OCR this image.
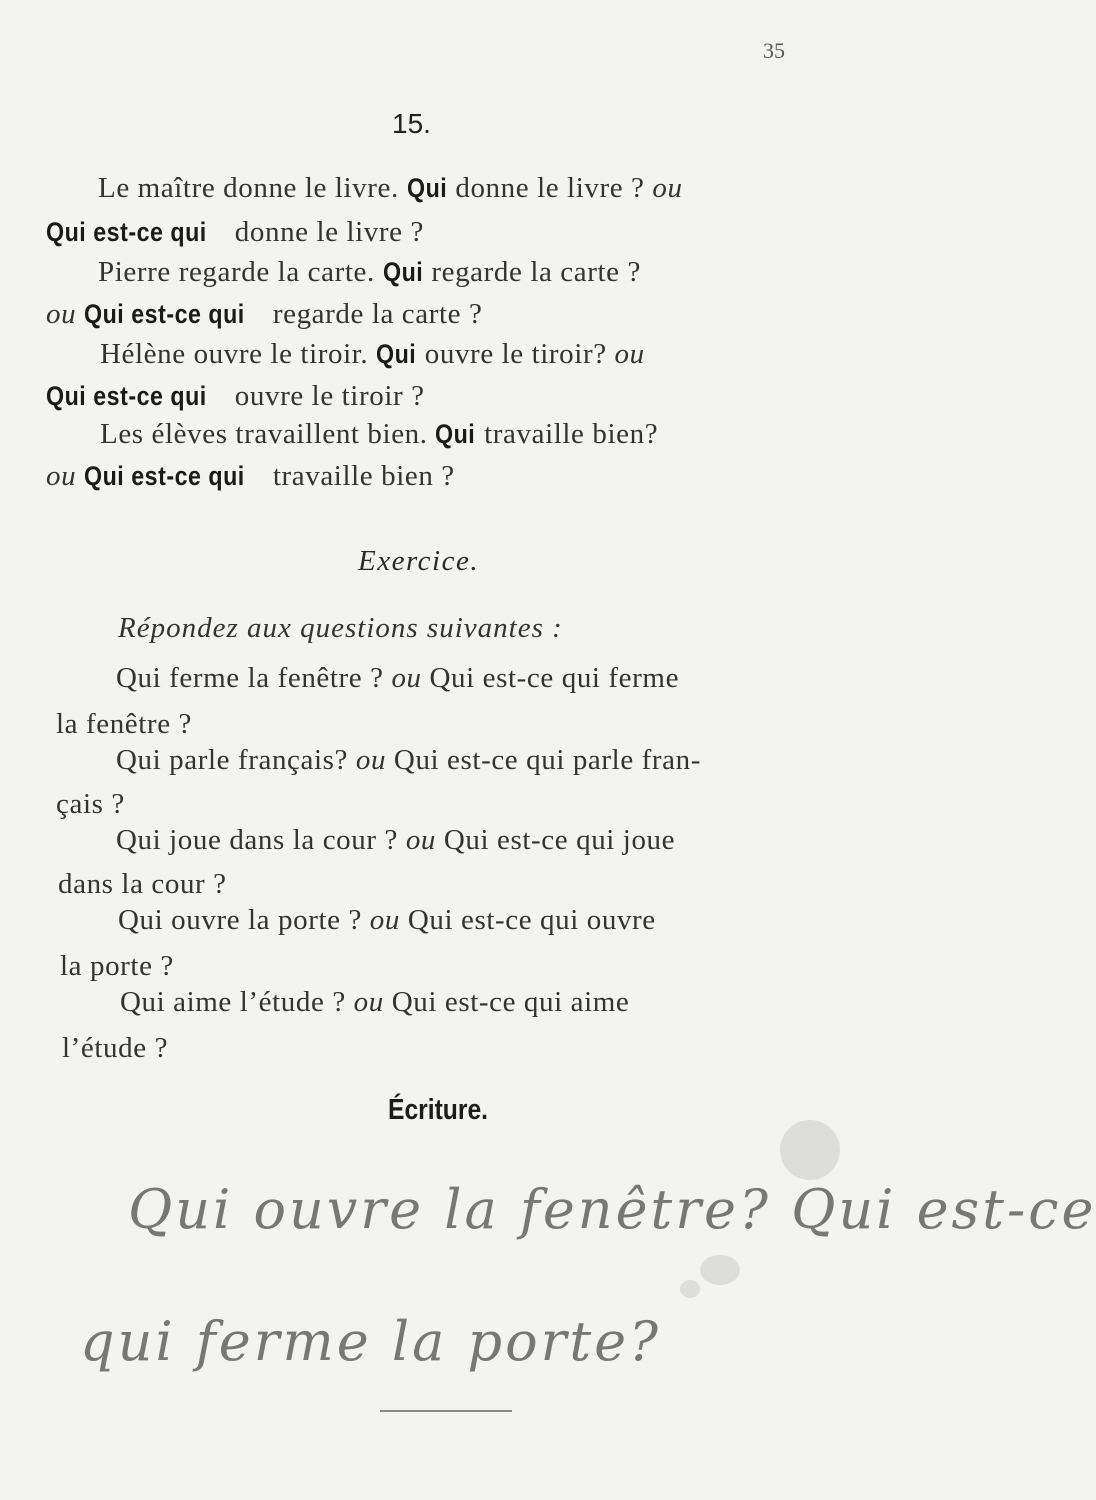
35
15.
Le maître donne le livre. Qui donne le livre ? ou
Qui est-ce qui donne le livre ?
Pierre regarde la carte. Qui regarde la carte ?
ou Qui est-ce qui regarde la carte ?
Hélène ouvre le tiroir. Qui ouvre le tiroir? ou
Qui est-ce qui ouvre le tiroir ?
Les élèves travaillent bien. Qui travaille bien?
ou Qui est-ce qui travaille bien ?
Exercice.
Répondez aux questions suivantes :
Qui ferme la fenêtre ? ou Qui est-ce qui ferme
la fenêtre ?
Qui parle français? ou Qui est-ce qui parle fran-
çais ?
Qui joue dans la cour ? ou Qui est-ce qui joue
dans la cour ?
Qui ouvre la porte ? ou Qui est-ce qui ouvre
la porte ?
Qui aime l’étude ? ou Qui est-ce qui aime
l’étude ?
Écriture.
Qui ouvre la fenêtre? Qui est-ce
qui ferme la porte?
